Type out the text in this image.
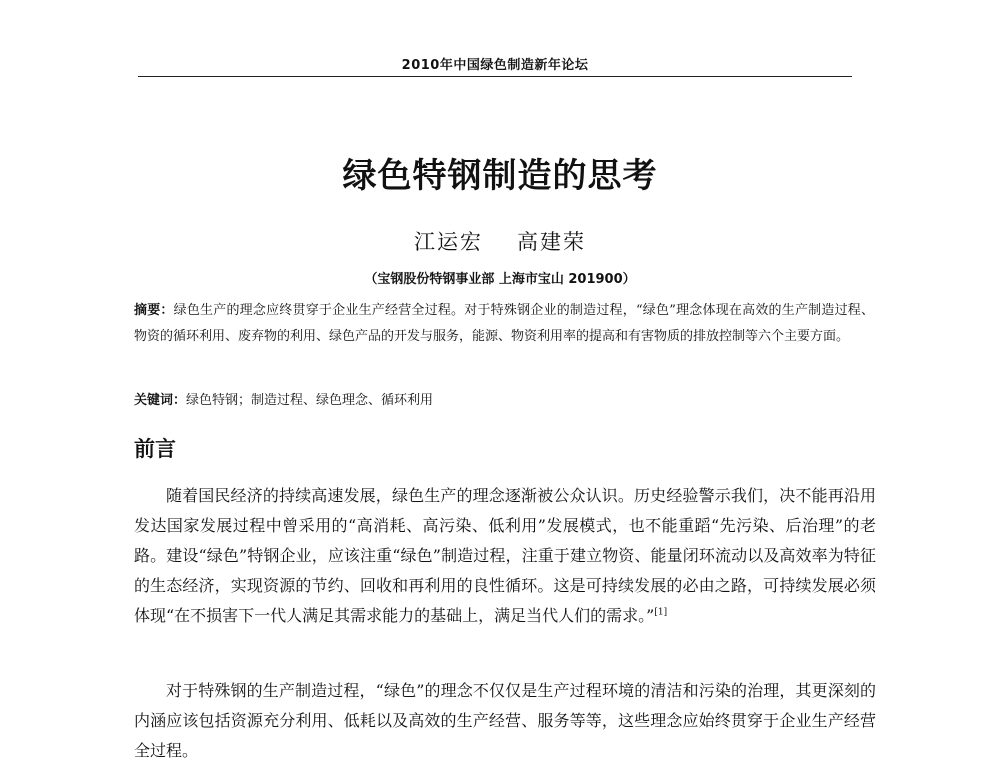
2010年中国绿色制造新年论坛
绿色特钢制造的思考
江运宏 高建荣
（宝钢股份特钢事业部 上海市宝山 201900）
摘要：绿色生产的理念应终贯穿于企业生产经营全过程。对于特殊钢企业的制造过程，“绿色”理念体现在高效的生产制造过程、物资的循环利用、废弃物的利用、绿色产品的开发与服务，能源、物资利用率的提高和有害物质的排放控制等六个主要方面。
关键词：绿色特钢；制造过程、绿色理念、循环利用
前言

随着国民经济的持续高速发展，绿色生产的理念逐渐被公众认识。历史经验警示我们，决不能再沿用发达国家发展过程中曾采用的“高消耗、高污染、低利用”发展模式，也不能重蹈“先污染、后治理”的老路。建设“绿色”特钢企业，应该注重“绿色”制造过程，注重于建立物资、能量闭环流动以及高效率为特征的生态经济，实现资源的节约、回收和再利用的良性循环。这是可持续发展的必由之路，可持续发展必须体现“在不损害下一代人满足其需求能力的基础上，满足当代人们的需求。”[1]

对于特殊钢的生产制造过程，“绿色”的理念不仅仅是生产过程环境的清洁和污染的治理，其更深刻的内涵应该包括资源充分利用、低耗以及高效的生产经营、服务等等，这些理念应始终贯穿于企业生产经营全过程。
